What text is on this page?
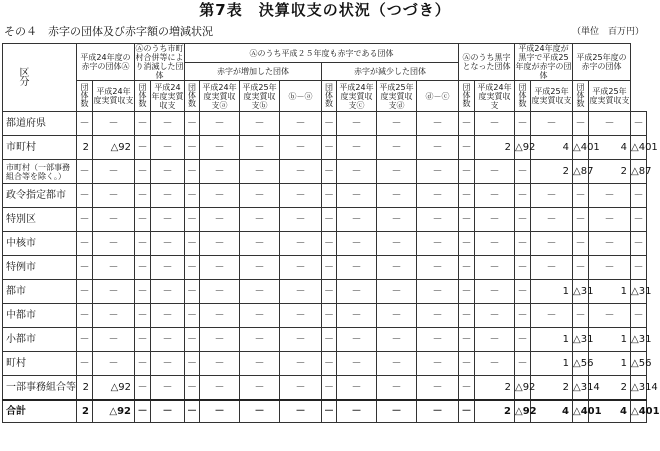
第7表　決算収支の状況（つづき）
その４　赤字の団体及び赤字額の増減状況	（単位　百万円）
区　分	平成24年度の赤字の団体Ⓐ		Ⓐのうち市町村合併等により消滅した団体		Ⓐのうち平成２５年度も赤字である団体								Ⓐのうち黒字となった団体		平成24年度が黒字で平成25年度が赤字の団体		平成25年度の赤字の団体		
					赤字が増加した団体				赤字が減少した団体										
	団体数	平成24年度実質収支	団体数	平成24年度実質収支	団体数	平成24年度実質収支ⓐ	平成25年度実質収支ⓑ	ⓑ－ⓐ	団体数	平成24年度実質収支ⓒ	平成25年度実質収支ⓓ	ⓓ－ⓒ	団体数	平成24年度実質収支	団体数	平成25年度実質収支	団体数	平成25年度実質収支	
都道府県	－	－	－	－	－	－	－	－	－	－	－	－	－	－	－	－	－	－	－
市町村	2	△92	－	－	－	－	－	－	－	－	－	－	－	2	△92	4	△401	4	△401
市町村（一部事務組合等を除く。）	－	－	－	－	－	－	－	－	－	－	－	－	－	－	－	2	△87	2	△87
政令指定都市	－	－	－	－	－	－	－	－	－	－	－	－	－	－	－	－	－	－	－
特別区	－	－	－	－	－	－	－	－	－	－	－	－	－	－	－	－	－	－	－
中核市	－	－	－	－	－	－	－	－	－	－	－	－	－	－	－	－	－	－	－
特例市	－	－	－	－	－	－	－	－	－	－	－	－	－	－	－	－	－	－	－
都市	－	－	－	－	－	－	－	－	－	－	－	－	－	－	－	1	△31	1	△31
中都市	－	－	－	－	－	－	－	－	－	－	－	－	－	－	－	－	－	－	－
小都市	－	－	－	－	－	－	－	－	－	－	－	－	－	－	－	1	△31	1	△31
町村	－	－	－	－	－	－	－	－	－	－	－	－	－	－	－	1	△56	1	△56
一部事務組合等	2	△92	－	－	－	－	－	－	－	－	－	－	－	2	△92	2	△314	2	△314
合計	2	△92	－	－	－	－	－	－	－	－	－	－	－	2	△92	4	△401	4	△401
